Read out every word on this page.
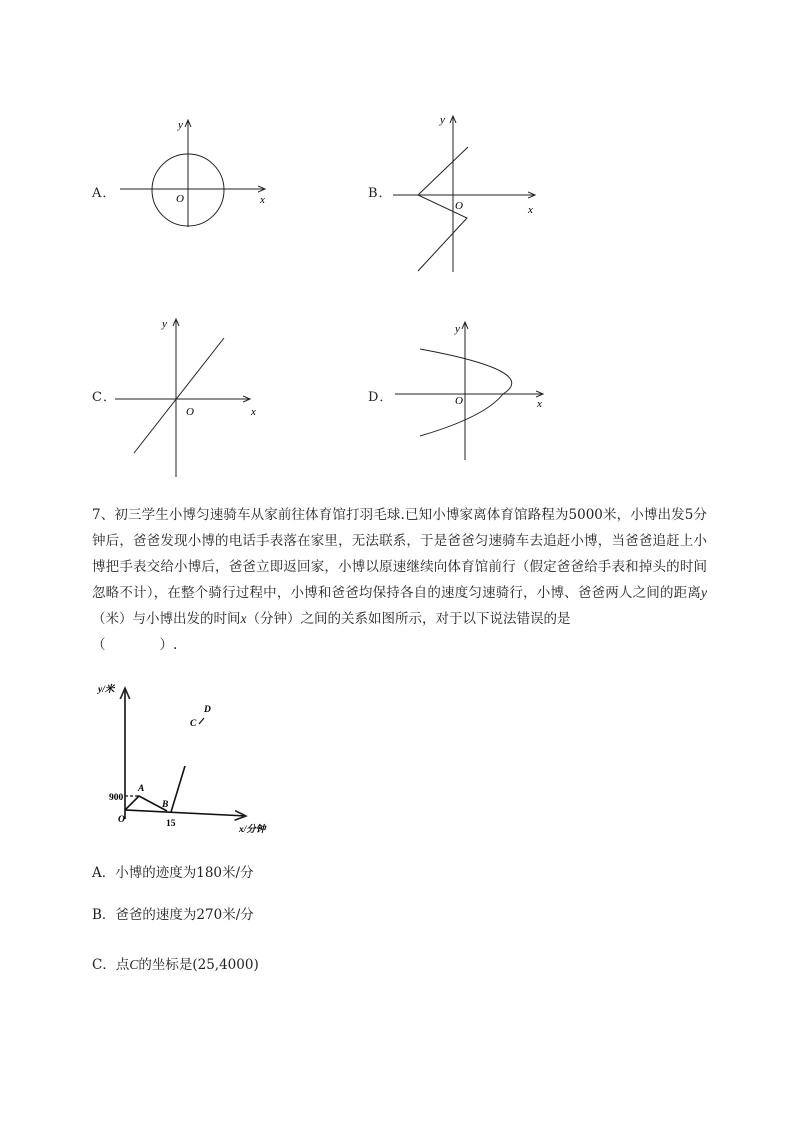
A．
y
x
O	B．
y
x
O
C．
y
x
O
D．
y
x
O
7、初三学生小博匀速骑车从家前往体育馆打羽毛球.已知小博家离体育馆路程为5000米，小博出发5分钟后，爸爸发现小博的电话手表落在家里，无法联系，于是爸爸匀速骑车去追赶小博，当爸爸追赶上小博把手表交给小博后，爸爸立即返回家，小博以原速继续向体育馆前行（假定爸爸给手表和掉头的时间忽略不计），在整个骑行过程中，小博和爸爸均保持各自的速度匀速骑行，小博、爸爸两人之间的距离y（米）与小博出发的时间x（分钟）之间的关系如图所示，对于以下说法错误的是
（　　　　）.
y/米
x/分钟
O
900
15
A
B
C
D
A．小博的迹度为180米/分
B．爸爸的速度为270米/分
C．点C的坐标是(25,4000)
